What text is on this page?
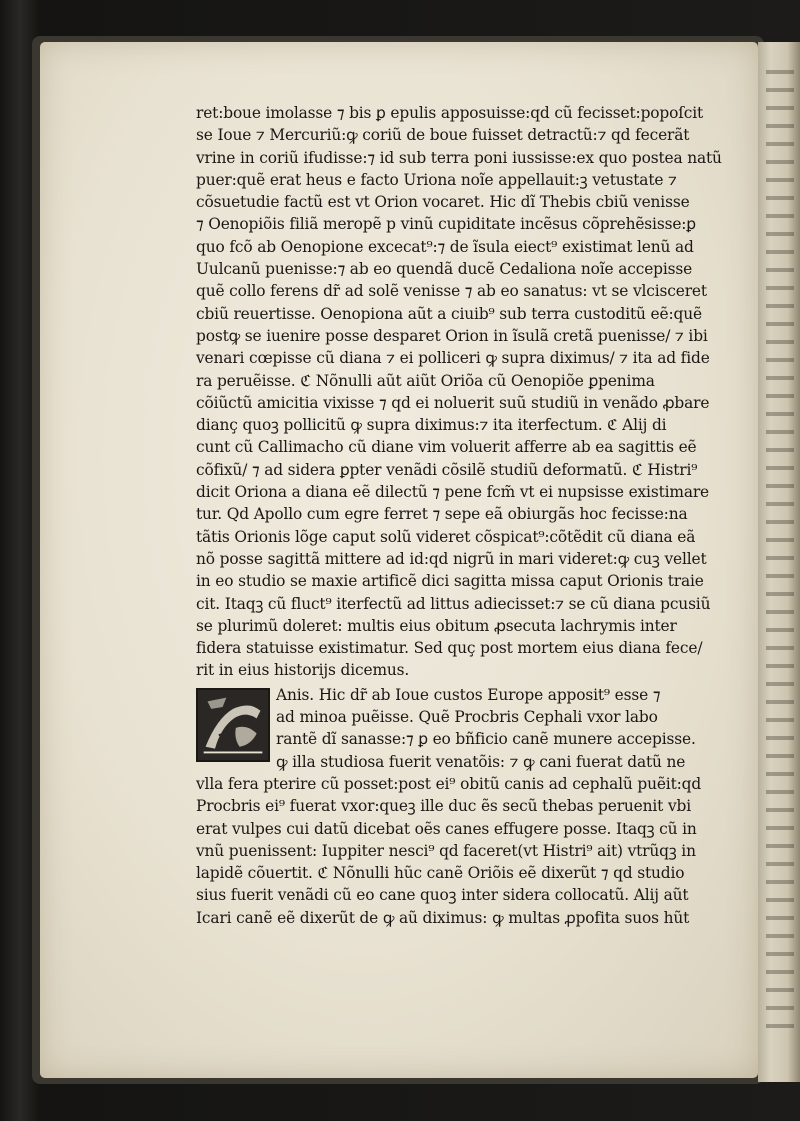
ret:boue imolasse ⁊ bis ꝑ epulis apposuisse:qd cũ fecisset:popoſcit
se Ioue ⁊ Mercuriũ:ꝙ coriũ de boue fuisset detractũ:⁊ qd fecerãt
vrine in coriũ ifudisse:⁊ id sub terra poni iussisse:ex quo postea natũ
puer:quẽ erat heus e facto Uriona noĩe appellauit:ꝫ vetustate ⁊
cõsuetudie factũ est vt Orion vocaret. Hic dĩ Thebis cbiũ venisse
⁊ Oenopiõis filiã meropẽ p vinũ cupiditate incẽsus cõprehẽsisse:ꝑ
quo fcõ ab Oenopione excecat⁹:⁊ de ĩsula eiect⁹ existimat lenũ ad
Uulcanũ puenisse:⁊ ab eo quendã ducẽ Cedaliona noĩe accepisse
quẽ collo ferens dr̃ ad solẽ venisse ⁊ ab eo sanatus: vt se vlcisceret
cbiũ reuertisse. Oenopiona aũt a ciuib⁹ sub terra custoditũ eẽ:quẽ
postꝙ se iuenire posse desparet Orion in ĩsulã cretã puenisse/ ⁊ ibi
venari cœpisse cũ diana ⁊ ei polliceri ꝙ supra diximus/ ⁊ ita ad fide
ra peruẽisse. ℭ Nõnulli aũt aiũt Oriõa cũ Oenopiõe ꝑpenima
cõiũctũ amicitia vixisse ⁊ qd ei noluerit suũ studiũ in venãdo ꝓbare
dianç quoꝫ pollicitũ ꝙ supra diximus:⁊ ita iterfectum. ℭ Alij di
cunt cũ Callimacho cũ diane vim voluerit afferre ab ea sagittis eẽ
cõfixũ/ ⁊ ad sidera ꝑpter venãdi cõsilẽ studiũ deformatũ. ℭ Histri⁹
dicit Oriona a diana eẽ dilectũ ⁊ pene fcm̃ vt ei nupsisse existimare
tur. Qd Apollo cum egre ferret ⁊ sepe eã obiurgãs hoc fecisse:na
tãtis Orionis lõge caput solũ videret cõspicat⁹:cõtẽdit cũ diana eã
nõ posse sagittã mittere ad id:qd nigrũ in mari videret:ꝙ cuꝫ vellet
in eo studio se maxie artificẽ dici sagitta missa caput Orionis traie
cit. Itaqꝫ cũ fluct⁹ iterfectũ ad littus adiecisset:⁊ se cũ diana pcusiũ
se plurimũ doleret: multis eius obitum ꝓsecuta lachrymis inter
fidera statuisse existimatur. Sed quç post mortem eius diana fece/
rit in eius historijs dicemus.
Anis. Hic dr̃ ab Ioue custos Europe apposit⁹ esse ⁊
ad minoa puẽisse. Quẽ Procbris Cephali vxor labo
rantẽ dĩ sanasse:⁊ ꝑ eo bñficio canẽ munere accepisse.
ꝙ illa studiosa fuerit venatõis: ⁊ ꝙ cani fuerat datũ ne
vlla fera pterire cũ posset:post ei⁹ obitũ canis ad cephalũ puẽit:qd
Procbris ei⁹ fuerat vxor:queꝫ ille duc ẽs secũ thebas peruenit vbi
erat vulpes cui datũ dicebat oẽs canes effugere posse. Itaqꝫ cũ in
vnũ puenissent: Iuppiter nesci⁹ qd faceret(vt Histri⁹ ait) vtrũqꝫ in
lapidẽ cõuertit. ℭ Nõnulli hũc canẽ Oriõis eẽ dixerũt ⁊ qd studio
sius fuerit venãdi cũ eo cane quoꝫ inter sidera collocatũ. Alij aũt
Icari canẽ eẽ dixerũt de ꝙ aũ diximus: ꝙ multas ꝓpofita suos hũt
